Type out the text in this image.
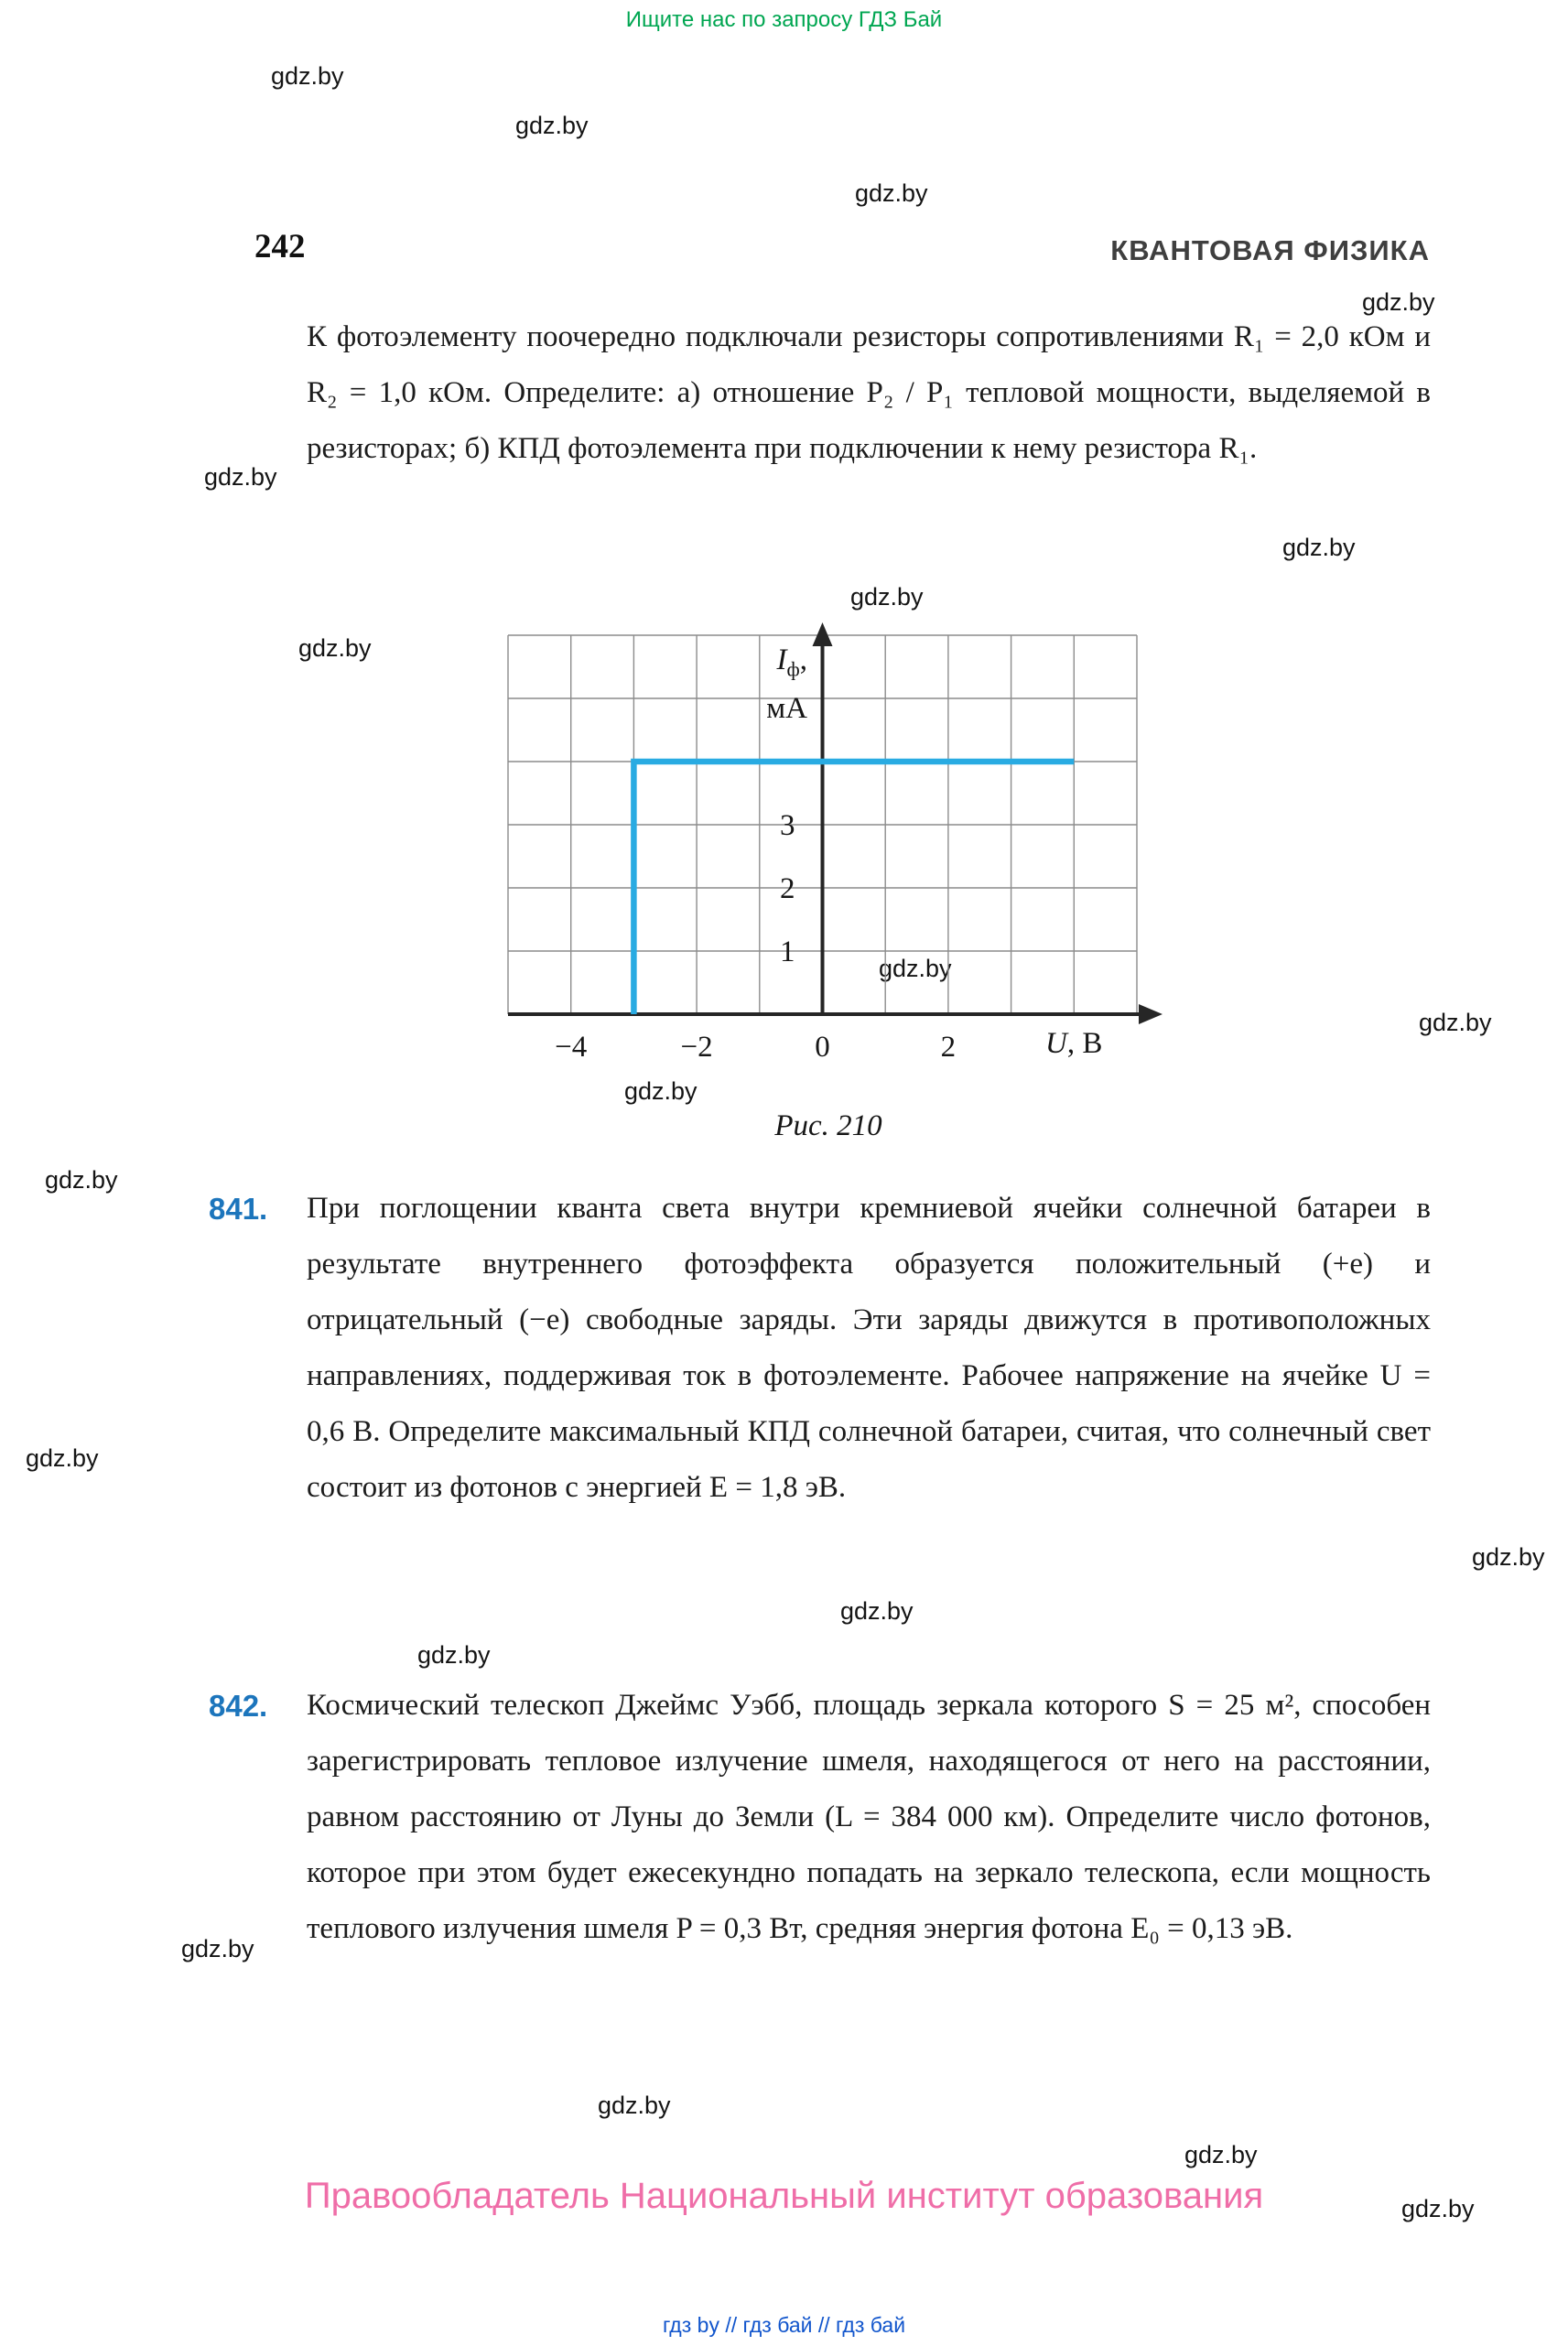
Ищите нас по запросу ГДЗ Бай
gdz.by
gdz.by
gdz.by
gdz.by
gdz.by
gdz.by
gdz.by
gdz.by
gdz.by
gdz.by
gdz.by
gdz.by
gdz.by
gdz.by
gdz.by
gdz.by
gdz.by
gdz.by
gdz.by
gdz.by
242	КВАНТОВАЯ ФИЗИКА
К фотоэлементу поочередно подключали резисторы сопротивлениями R₁ = 2,0 кОм и R₂ = 1,0 кОм. Определите: а) отношение P₂ / P₁ тепловой мощности, выделяемой в резисторах; б) КПД фотоэлемента при подключении к нему резистора R₁.
−4	−2	0	2
1
2
3
$I_ф$,
мА
U, В
Рис. 210
841.	При поглощении кванта света внутри кремниевой ячейки солнечной батареи в результате внутреннего фотоэффекта образуется положительный (+e) и отрицательный (−e) свободные заряды. Эти заряды движутся в противоположных направлениях, поддерживая ток в фотоэлементе. Рабочее напряжение на ячейке U = 0,6 В. Определите максимальный КПД солнечной батареи, считая, что солнечный свет состоит из фотонов с энергией E = 1,8 эВ.
842.	Космический телескоп Джеймс Уэбб, площадь зеркала которого S = 25 м², способен зарегистрировать тепловое излучение шмеля, находящегося от него на расстоянии, равном расстоянию от Луны до Земли (L = 384 000 км). Определите число фотонов, которое при этом будет ежесекундно попадать на зеркало телескопа, если мощность теплового излучения шмеля P = 0,3 Вт, средняя энергия фотона E₀ = 0,13 эВ.
Правообладатель Национальный институт образования
гдз by // гдз бай // гдз бай
